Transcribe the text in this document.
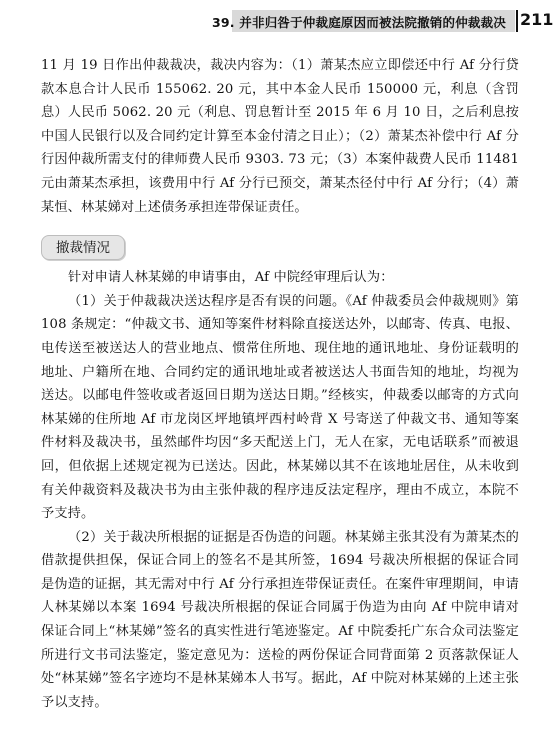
39. 并非归咎于仲裁庭原因而被法院撤销的仲裁裁决 211

11 月 19 日作出仲裁裁决，裁决内容为：（1）萧某杰应立即偿还中行 Af 分行贷款本息合计人民币 155062. 20 元，其中本金人民币 150000 元，利息（含罚息）人民币 5062. 20 元（利息、罚息暂计至 2015 年 6 月 10 日，之后利息按中国人民银行以及合同约定计算至本金付清之日止）；（2）萧某杰补偿中行 Af 分行因仲裁所需支付的律师费人民币 9303. 73 元；（3）本案仲裁费人民币 11481 元由萧某杰承担，该费用中行 Af 分行已预交，萧某杰径付中行 Af 分行；（4）萧某恒、林某娣对上述债务承担连带保证责任。

撤裁情况

针对申请人林某娣的申请事由，Af 中院经审理后认为：

（1）关于仲裁裁决送达程序是否有误的问题。《Af 仲裁委员会仲裁规则》第 108 条规定：“仲裁文书、通知等案件材料除直接送达外，以邮寄、传真、电报、电传送至被送达人的营业地点、惯常住所地、现住地的通讯地址、身份证载明的地址、户籍所在地、合同约定的通讯地址或者被送达人书面告知的地址，均视为送达。以邮电件签收或者返回日期为送达日期。”经核实，仲裁委以邮寄的方式向林某娣的住所地 Af 市龙岗区坪地镇坪西村岭背 X 号寄送了仲裁文书、通知等案件材料及裁决书，虽然邮件均因“多天配送上门，无人在家，无电话联系”而被退回，但依据上述规定视为已送达。因此，林某娣以其不在该地址居住，从未收到有关仲裁资料及裁决书为由主张仲裁的程序违反法定程序，理由不成立，本院不予支持。

（2）关于裁决所根据的证据是否伪造的问题。林某娣主张其没有为萧某杰的借款提供担保，保证合同上的签名不是其所签，1694 号裁决所根据的保证合同是伪造的证据，其无需对中行 Af 分行承担连带保证责任。在案件审理期间，申请人林某娣以本案 1694 号裁决所根据的保证合同属于伪造为由向 Af 中院申请对保证合同上“林某娣”签名的真实性进行笔迹鉴定。Af 中院委托广东合众司法鉴定所进行文书司法鉴定，鉴定意见为：送检的两份保证合同背面第 2 页落款保证人处“林某娣”签名字迹均不是林某娣本人书写。据此，Af 中院对林某娣的上述主张予以支持。
